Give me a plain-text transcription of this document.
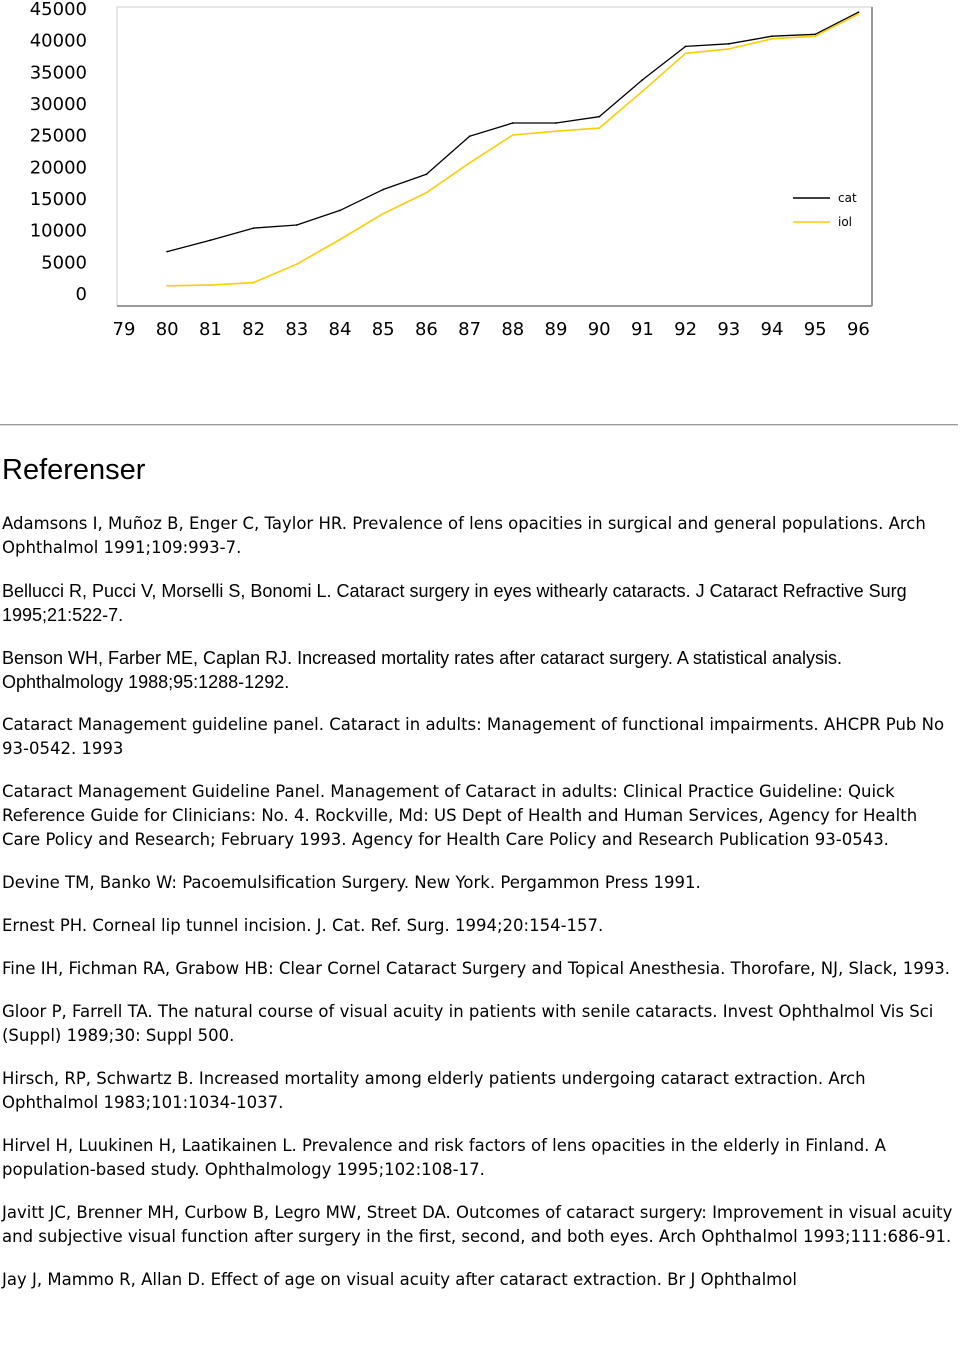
45000
40000
35000
30000
25000
20000
15000
10000
5000
0
79 80 81 82 83 84 85 86 87 88 89 90 91 92 93 94 95 96
cat
iol
Referenser
Adamsons I, Muñoz B, Enger C, Taylor HR. Prevalence of lens opacities in surgical and general populations. Arch Ophthalmol 1991;109:993-7.
Bellucci R, Pucci V, Morselli S, Bonomi L. Cataract surgery in eyes withearly cataracts. J Cataract Refractive Surg 1995;21:522-7.
Benson WH, Farber ME, Caplan RJ. Increased mortality rates after cataract surgery. A statistical analysis. Ophthalmology 1988;95:1288-1292.
Cataract Management guideline panel. Cataract in adults: Management of functional impairments. AHCPR Pub No 93-0542. 1993
Cataract Management Guideline Panel. Management of Cataract in adults: Clinical Practice Guideline: Quick Reference Guide for Clinicians: No. 4. Rockville, Md: US Dept of Health and Human Services, Agency for Health Care Policy and Research; February 1993. Agency for Health Care Policy and Research Publication 93-0543.
Devine TM, Banko W: Pacoemulsification Surgery. New York. Pergammon Press 1991.
Ernest PH. Corneal lip tunnel incision. J. Cat. Ref. Surg. 1994;20:154-157.
Fine IH, Fichman RA, Grabow HB: Clear Cornel Cataract Surgery and Topical Anesthesia. Thorofare, NJ, Slack, 1993.
Gloor P, Farrell TA. The natural course of visual acuity in patients with senile cataracts. Invest Ophthalmol Vis Sci (Suppl) 1989;30: Suppl 500.
Hirsch, RP, Schwartz B. Increased mortality among elderly patients undergoing cataract extraction. Arch Ophthalmol 1983;101:1034-1037.
Hirvel H, Luukinen H, Laatikainen L. Prevalence and risk factors of lens opacities in the elderly in Finland. A population-based study. Ophthalmology 1995;102:108-17.
Javitt JC, Brenner MH, Curbow B, Legro MW, Street DA. Outcomes of cataract surgery: Improvement in visual acuity and subjective visual function after surgery in the first, second, and both eyes. Arch Ophthalmol 1993;111:686-91.
Jay J, Mammo R, Allan D. Effect of age on visual acuity after cataract extraction. Br J Ophthalmol
